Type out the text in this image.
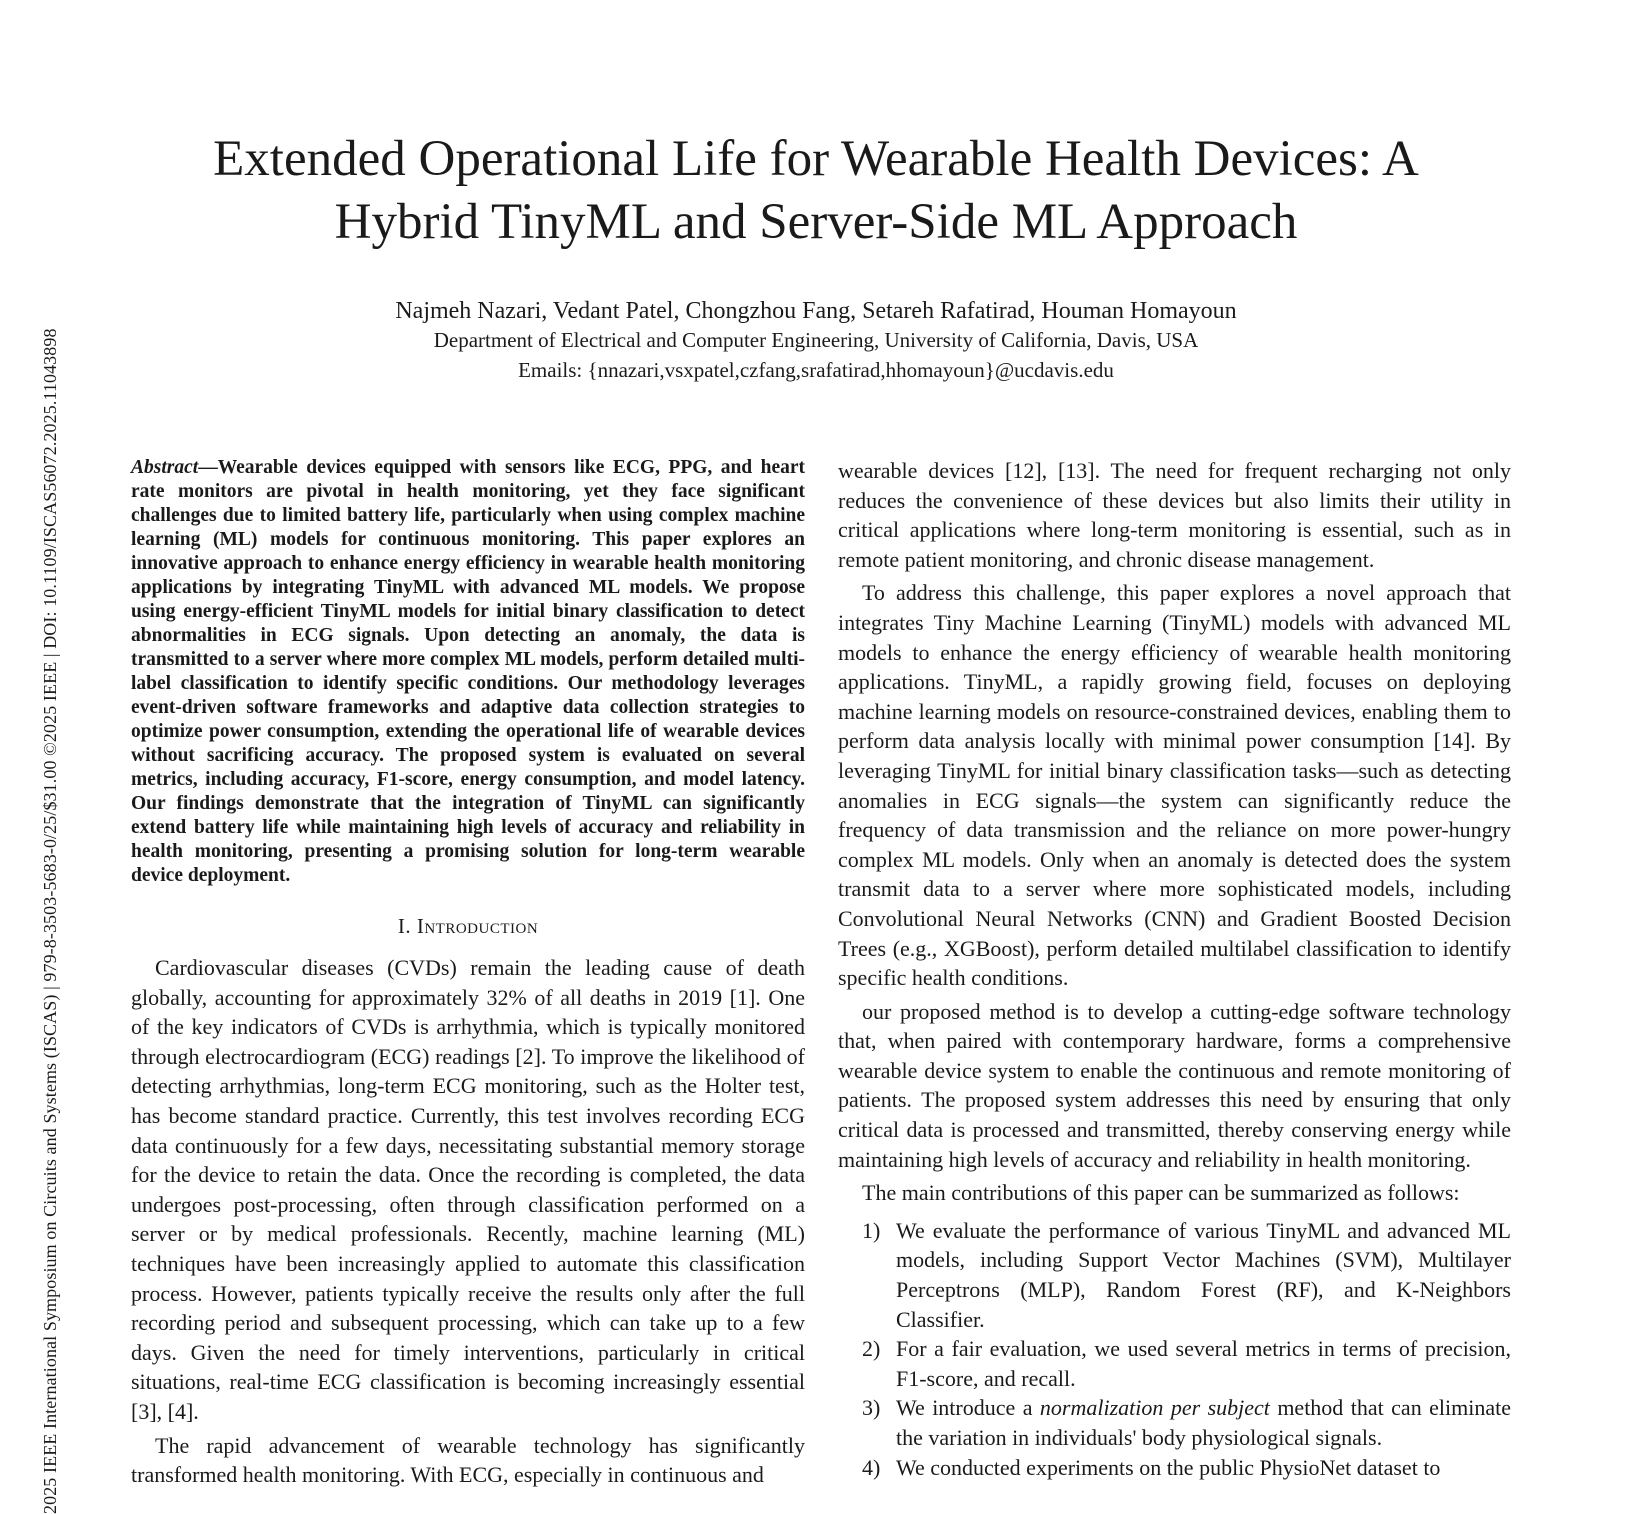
2025 IEEE International Symposium on Circuits and Systems (ISCAS) | 979-8-3503-5683-0/25/$31.00 ©2025 IEEE | DOI: 10.1109/ISCAS56072.2025.11043898
Extended Operational Life for Wearable Health Devices: A
Hybrid TinyML and Server-Side ML Approach
Najmeh Nazari, Vedant Patel, Chongzhou Fang, Setareh Rafatirad, Houman Homayoun
Department of Electrical and Computer Engineering, University of California, Davis, USA
Emails: {nnazari,vsxpatel,czfang,srafatirad,hhomayoun}@ucdavis.edu

Abstract—Wearable devices equipped with sensors like ECG, PPG, and heart rate monitors are pivotal in health monitoring, yet they face significant challenges due to limited battery life, particularly when using complex machine learning (ML) models for continuous monitoring. This paper explores an innovative approach to enhance energy efficiency in wearable health monitoring applications by integrating TinyML with advanced ML models. We propose using energy-efficient TinyML models for initial binary classification to detect abnormalities in ECG signals. Upon detecting an anomaly, the data is transmitted to a server where more complex ML models, perform detailed multi-label classification to identify specific conditions. Our methodology leverages event-driven software frameworks and adaptive data collection strategies to optimize power consumption, extending the operational life of wearable devices without sacrificing accuracy. The proposed system is evaluated on several metrics, including accuracy, F1-score, energy consumption, and model latency. Our findings demonstrate that the integration of TinyML can significantly extend battery life while maintaining high levels of accuracy and reliability in health monitoring, presenting a promising solution for long-term wearable device deployment.

I. Introduction

Cardiovascular diseases (CVDs) remain the leading cause of death globally, accounting for approximately 32% of all deaths in 2019 [1]. One of the key indicators of CVDs is arrhythmia, which is typically monitored through electrocardiogram (ECG) readings [2]. To improve the likelihood of detecting arrhythmias, long-term ECG monitoring, such as the Holter test, has become standard practice. Currently, this test involves recording ECG data continuously for a few days, necessitating substantial memory storage for the device to retain the data. Once the recording is completed, the data undergoes post-processing, often through classification performed on a server or by medical professionals. Recently, machine learning (ML) techniques have been increasingly applied to automate this classification process. However, patients typically receive the results only after the full recording period and subsequent processing, which can take up to a few days. Given the need for timely interventions, particularly in critical situations, real-time ECG classification is becoming increasingly essential [3], [4].

The rapid advancement of wearable technology has significantly transformed health monitoring. With ECG, especially in continuous and

wearable devices [12], [13]. The need for frequent recharging not only reduces the convenience of these devices but also limits their utility in critical applications where long-term monitoring is essential, such as in remote patient monitoring, and chronic disease management.

To address this challenge, this paper explores a novel approach that integrates Tiny Machine Learning (TinyML) models with advanced ML models to enhance the energy efficiency of wearable health monitoring applications. TinyML, a rapidly growing field, focuses on deploying machine learning models on resource-constrained devices, enabling them to perform data analysis locally with minimal power consumption [14]. By leveraging TinyML for initial binary classification tasks—such as detecting anomalies in ECG signals—the system can significantly reduce the frequency of data transmission and the reliance on more power-hungry complex ML models. Only when an anomaly is detected does the system transmit data to a server where more sophisticated models, including Convolutional Neural Networks (CNN) and Gradient Boosted Decision Trees (e.g., XGBoost), perform detailed multilabel classification to identify specific health conditions.

our proposed method is to develop a cutting-edge software technology that, when paired with contemporary hardware, forms a comprehensive wearable device system to enable the continuous and remote monitoring of patients. The proposed system addresses this need by ensuring that only critical data is processed and transmitted, thereby conserving energy while maintaining high levels of accuracy and reliability in health monitoring.

The main contributions of this paper can be summarized as follows:

1) We evaluate the performance of various TinyML and advanced ML models, including Support Vector Machines (SVM), Multilayer Perceptrons (MLP), Random Forest (RF), and K-Neighbors Classifier.
2) For a fair evaluation, we used several metrics in terms of precision, F1-score, and recall.
3) We introduce a normalization per subject method that can eliminate the variation in individuals' body physiological signals.
4) We conducted experiments on the public PhysioNet dataset to
